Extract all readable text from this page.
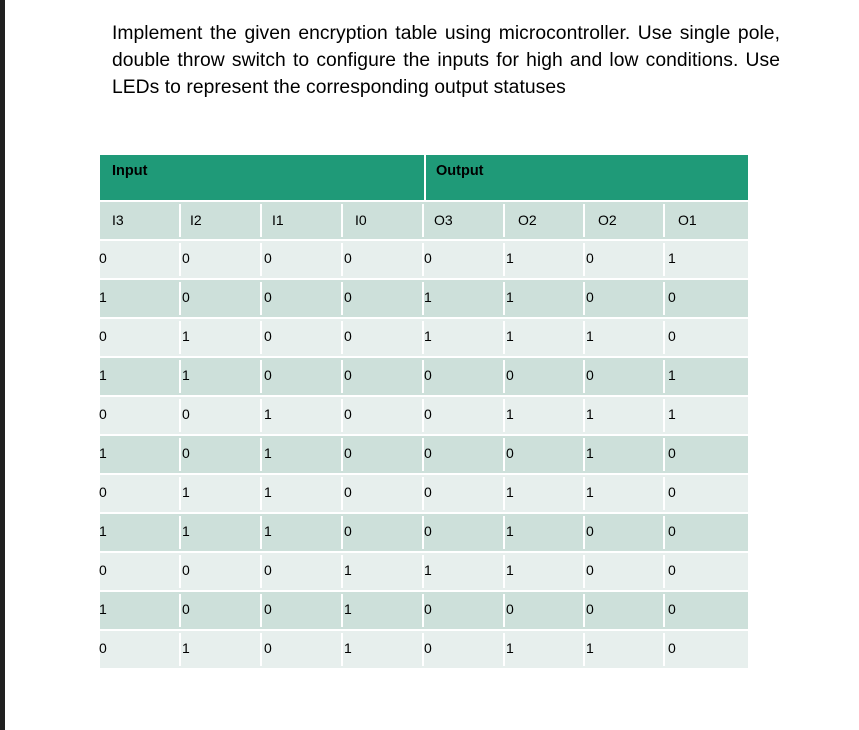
Implement the given encryption table using microcontroller. Use single pole, double throw switch to configure the inputs for high and low conditions. Use LEDs to represent the corresponding output statuses

Input	Output
I3	I2	I1	I0	O3	O2	O2	O1
0	0	0	0	0	1	0	1
1	0	0	0	1	1	0	0
0	1	0	0	1	1	1	0
1	1	0	0	0	0	0	1
0	0	1	0	0	1	1	1
1	0	1	0	0	0	1	0
0	1	1	0	0	1	1	0
1	1	1	0	0	1	0	0
0	0	0	1	1	1	0	0
1	0	0	1	0	0	0	0
0	1	0	1	0	1	1	0
